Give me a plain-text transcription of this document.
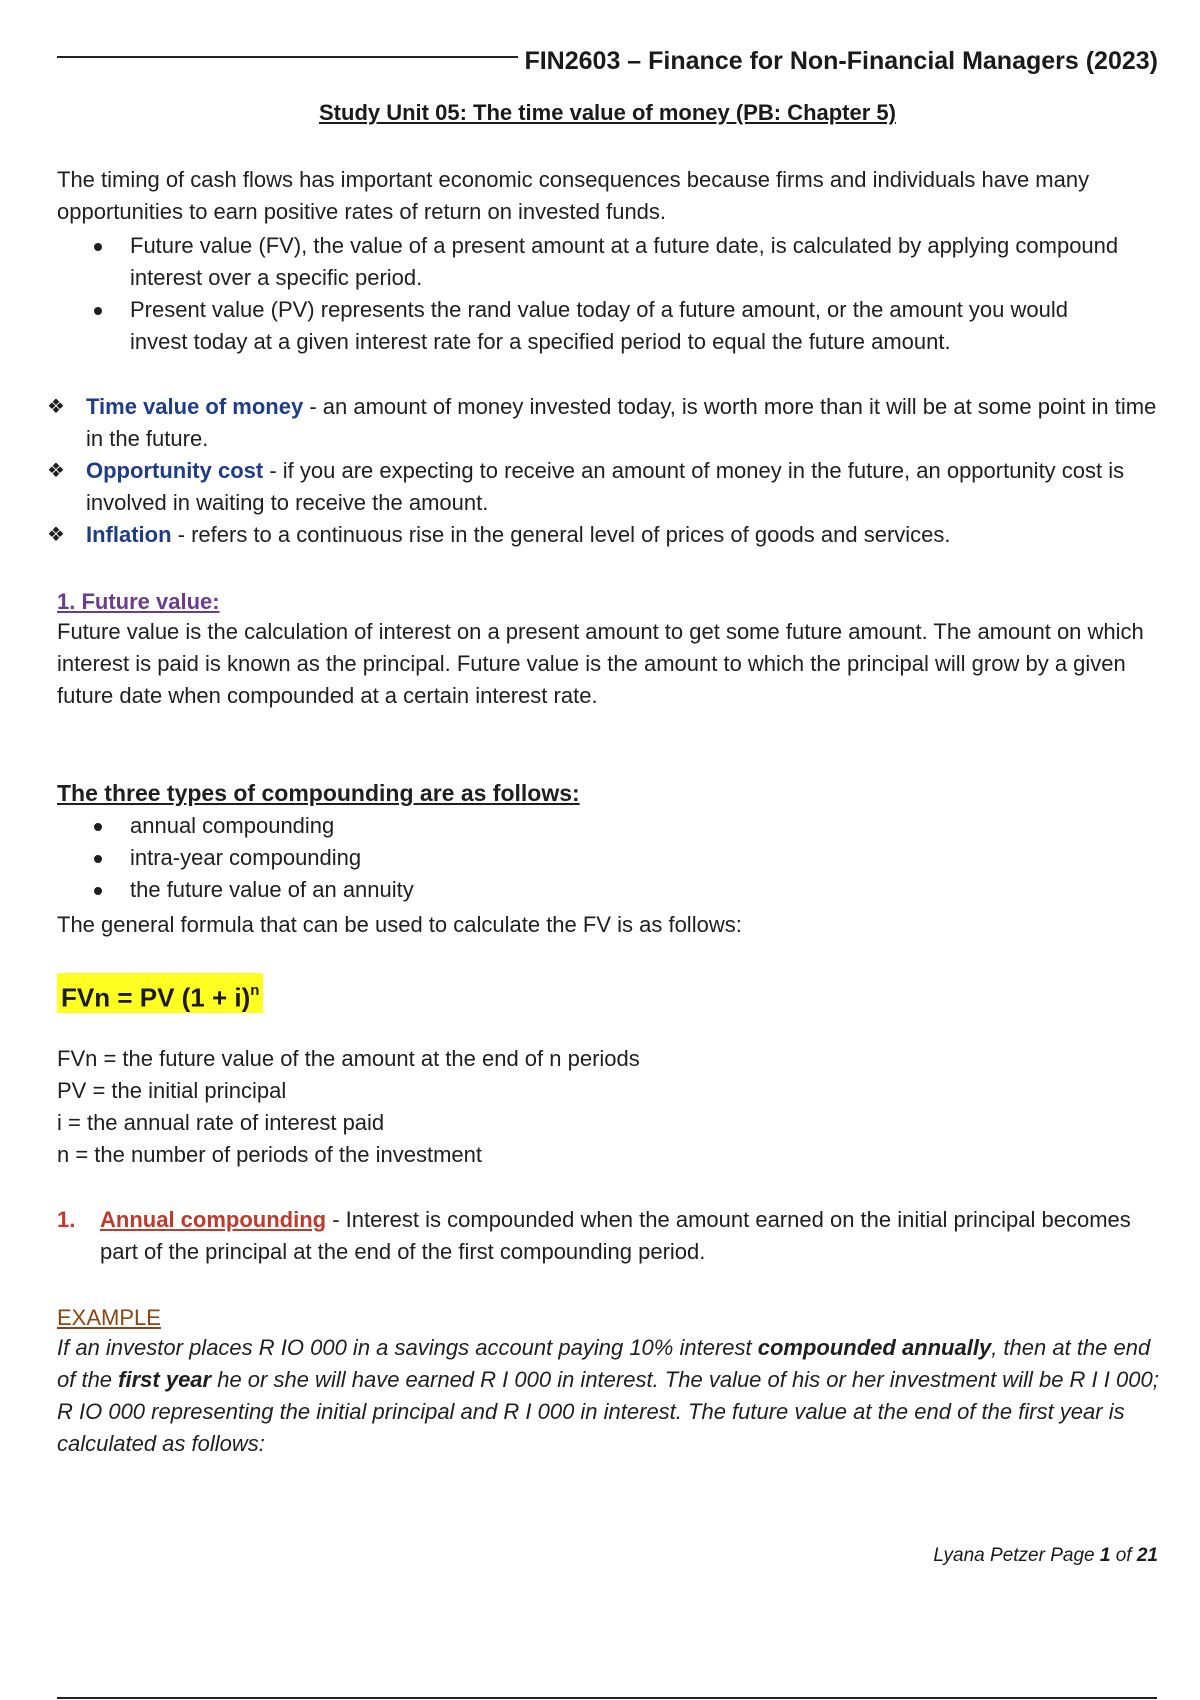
FIN2603 – Finance for Non-Financial Managers (2023)
Study Unit 05: The time value of money (PB: Chapter 5)
The timing of cash flows has important economic consequences because firms and individuals have many opportunities to earn positive rates of return on invested funds.
Future value (FV), the value of a present amount at a future date, is calculated by applying compound interest over a specific period.
Present value (PV) represents the rand value today of a future amount, or the amount you would invest today at a given interest rate for a specified period to equal the future amount.
❖ Time value of money - an amount of money invested today, is worth more than it will be at some point in time in the future.
❖ Opportunity cost - if you are expecting to receive an amount of money in the future, an opportunity cost is involved in waiting to receive the amount.
❖ Inflation - refers to a continuous rise in the general level of prices of goods and services.
1. Future value:
Future value is the calculation of interest on a present amount to get some future amount. The amount on which interest is paid is known as the principal. Future value is the amount to which the principal will grow by a given future date when compounded at a certain interest rate.
The three types of compounding are as follows:
annual compounding
intra-year compounding
the future value of an annuity
The general formula that can be used to calculate the FV is as follows:
FVn = PV $(1 + i)^n$
FVn = the future value of the amount at the end of n periods
PV = the initial principal
i = the annual rate of interest paid
n = the number of periods of the investment
1.	Annual compounding - Interest is compounded when the amount earned on the initial principal becomes part of the principal at the end of the first compounding period.
EXAMPLE
If an investor places R IO 000 in a savings account paying 10% interest compounded annually, then at the end of the first year he or she will have earned R I 000 in interest. The value of his or her investment will be R I I 000; R IO 000 representing the initial principal and R I 000 in interest. The future value at the end of the first year is calculated as follows:
Lyana Petzer Page 1 of 21
